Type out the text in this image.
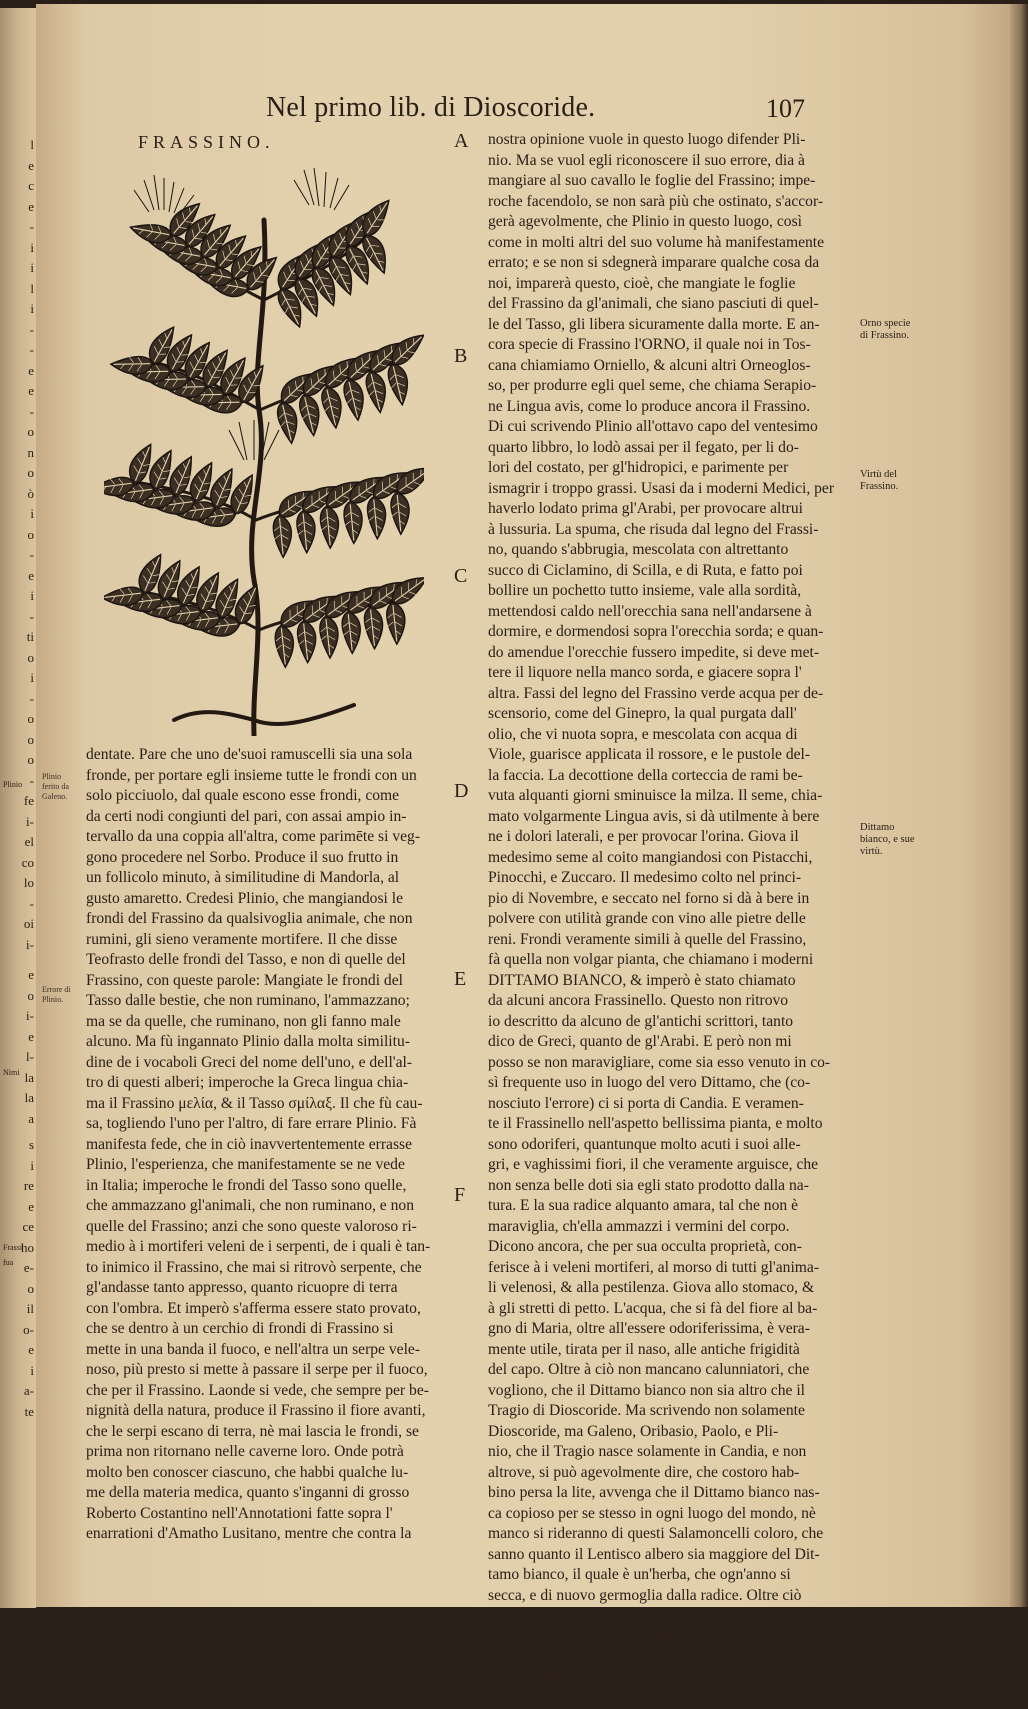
l
e
c
e
-
i
i
l
i
-
-
e
e
-
o
n
o
ò
i
o
-
e
i
-
ti
o
i
-
o
o
o
-
fe
i-
el
co
lo
-
oi
i-
e
o
i-
e
l-
la
la
a
s
i
re
e
ce
ho
e-
o
il
o-
e
i
a-
te
Plinio
Nimi
Frassi
fua
Nel primo lib. di Dioscoride.	107
FRASSINO.
dentate. Pare che uno de'suoi ramuscelli sia una sola
fronde, per portare egli insieme tutte le frondi con un
solo picciuolo, dal quale escono esse frondi, come
da certi nodi congiunti del pari, con assai ampio in-
tervallo da una coppia all'altra, come parimēte si veg-
gono procedere nel Sorbo. Produce il suo frutto in
un follicolo minuto, à similitudine di Mandorla, al
gusto amaretto. Credesi Plinio, che mangiandosi le
frondi del Frassino da qualsivoglia animale, che non
rumini, gli sieno veramente mortifere. Il che disse
Teofrasto delle frondi del Tasso, e non di quelle del
Frassino, con queste parole: Mangiate le frondi del
Tasso dalle bestie, che non ruminano, l'ammazzano;
ma se da quelle, che ruminano, non gli fanno male
alcuno. Ma fù ingannato Plinio dalla molta similitu-
dine de i vocaboli Greci del nome dell'uno, e dell'al-
tro di questi alberi; imperoche la Greca lingua chia-
ma il Frassino μελία, & il Tasso σμίλαξ. Il che fù cau-
sa, togliendo l'uno per l'altro, di fare errare Plinio. Fà
manifesta fede, che in ciò inavvertentemente errasse
Plinio, l'esperienza, che manifestamente se ne vede
in Italia; imperoche le frondi del Tasso sono quelle,
che ammazzano gl'animali, che non ruminano, e non
quelle del Frassino; anzi che sono queste valoroso ri-
medio à i mortiferi veleni de i serpenti, de i quali è tan-
to inimico il Frassino, che mai si ritrovò serpente, che
gl'andasse tanto appresso, quanto ricuopre di terra
con l'ombra. Et imperò s'afferma essere stato provato,
che se dentro à un cerchio di frondi di Frassino si
mette in una banda il fuoco, e nell'altra un serpe vele-
noso, più presto si mette à passare il serpe per il fuoco,
che per il Frassino. Laonde si vede, che sempre per be-
nignità della natura, produce il Frassino il fiore avanti,
che le serpi escano di terra, nè mai lascia le frondi, se
prima non ritornano nelle caverne loro. Onde potrà
molto ben conoscer ciascuno, che habbi qualche lu-
me della materia medica, quanto s'inganni di grosso
Roberto Costantino nell'Annotationi fatte sopra l'
enarrationi d'Amatho Lusitano, mentre che contra la
nostra opinione vuole in questo luogo difender Pli-
nio. Ma se vuol egli riconoscere il suo errore, dia à
mangiare al suo cavallo le foglie del Frassino; impe-
roche facendolo, se non sarà più che ostinato, s'accor-
gerà agevolmente, che Plinio in questo luogo, così
come in molti altri del suo volume hà manifestamente
errato; e se non si sdegnerà imparare qualche cosa da
noi, imparerà questo, cioè, che mangiate le foglie
del Frassino da gl'animali, che siano pasciuti di quel-
le del Tasso, gli libera sicuramente dalla morte. E an-
cora specie di Frassino l'ORNO, il quale noi in Tos-
cana chiamiamo Orniello, & alcuni altri Orneoglos-
so, per produrre egli quel seme, che chiama Serapio-
ne Lingua avis, come lo produce ancora il Frassino.
Di cui scrivendo Plinio all'ottavo capo del ventesimo
quarto libbro, lo lodò assai per il fegato, per li do-
lori del costato, per gl'hidropici, e parimente per
ismagrir i troppo grassi. Usasi da i moderni Medici, per
haverlo lodato prima gl'Arabi, per provocare altrui
à lussuria. La spuma, che risuda dal legno del Frassi-
no, quando s'abbrugia, mescolata con altrettanto
succo di Ciclamino, di Scilla, e di Ruta, e fatto poi
bollire un pochetto tutto insieme, vale alla sordità,
mettendosi caldo nell'orecchia sana nell'andarsene à
dormire, e dormendosi sopra l'orecchia sorda; e quan-
do amendue l'orecchie fussero impedite, si deve met-
tere il liquore nella manco sorda, e giacere sopra l'
altra. Fassi del legno del Frassino verde acqua per de-
scensorio, come del Ginepro, la qual purgata dall'
olio, che vi nuota sopra, e mescolata con acqua di
Viole, guarisce applicata il rossore, e le pustole del-
la faccia. La decottione della corteccia de rami be-
vuta alquanti giorni sminuisce la milza. Il seme, chia-
mato volgarmente Lingua avis, si dà utilmente à bere
ne i dolori laterali, e per provocar l'orina. Giova il
medesimo seme al coito mangiandosi con Pistacchi,
Pinocchi, e Zuccaro. Il medesimo colto nel princi-
pio di Novembre, e seccato nel forno si dà à bere in
polvere con utilità grande con vino alle pietre delle
reni. Frondi veramente simili à quelle del Frassino,
fà quella non volgar pianta, che chiamano i moderni
DITTAMO BIANCO, & imperò è stato chiamato
da alcuni ancora Frassinello. Questo non ritrovo
io descritto da alcuno de gl'antichi scrittori, tanto
dico de Greci, quanto de gl'Arabi. E però non mi
posso se non maravigliare, come sia esso venuto in co-
sì frequente uso in luogo del vero Dittamo, che (co-
nosciuto l'errore) ci si porta di Candia. E veramen-
te il Frassinello nell'aspetto bellissima pianta, e molto
sono odoriferi, quantunque molto acuti i suoi alle-
gri, e vaghissimi fiori, il che veramente arguisce, che
non senza belle doti sia egli stato prodotto dalla na-
tura. E la sua radice alquanto amara, tal che non è
maraviglia, ch'ella ammazzi i vermini del corpo.
Dicono ancora, che per sua occulta proprietà, con-
ferisce à i veleni mortiferi, al morso di tutti gl'anima-
li velenosi, & alla pestilenza. Giova allo stomaco, &
à gli stretti di petto. L'acqua, che si fà del fiore al ba-
gno di Maria, oltre all'essere odoriferissima, è vera-
mente utile, tirata per il naso, alle antiche frigidità
del capo. Oltre à ciò non mancano calunniatori, che
vogliono, che il Dittamo bianco non sia altro che il
Tragio di Dioscoride. Ma scrivendo non solamente
Dioscoride, ma Galeno, Oribasio, Paolo, e Pli-
nio, che il Tragio nasce solamente in Candia, e non
altrove, si può agevolmente dire, che costoro hab-
bino persa la lite, avvenga che il Dittamo bianco nas-
ca copioso per se stesso in ogni luogo del mondo, nè
manco si rideranno di questi Salamoncelli coloro, che
sanno quanto il Lentisco albero sia maggiore del Dit-
tamo bianco, il quale è un'herba, che ogn'anno si
secca, e di nuovo germoglia dalla radice. Oltre ciò
scrivendo Dioscoride, che il Tragio è una pianta si-
mile al Lentisco, così nel frutto, come nelle foglie,
e ne i rami, vorrei, che mi dicessero coloro, ove vid-
dero mai Lentisco, che producesse il frutto nelle
silique,
A
B
C
D
E
F
Orno specie
di Frassino.
Virtù del
Frassino.
Dittamo
bianco, e sue
virtù.
Plinio
ferito da
Galeno.
Errore di
Plinio.
